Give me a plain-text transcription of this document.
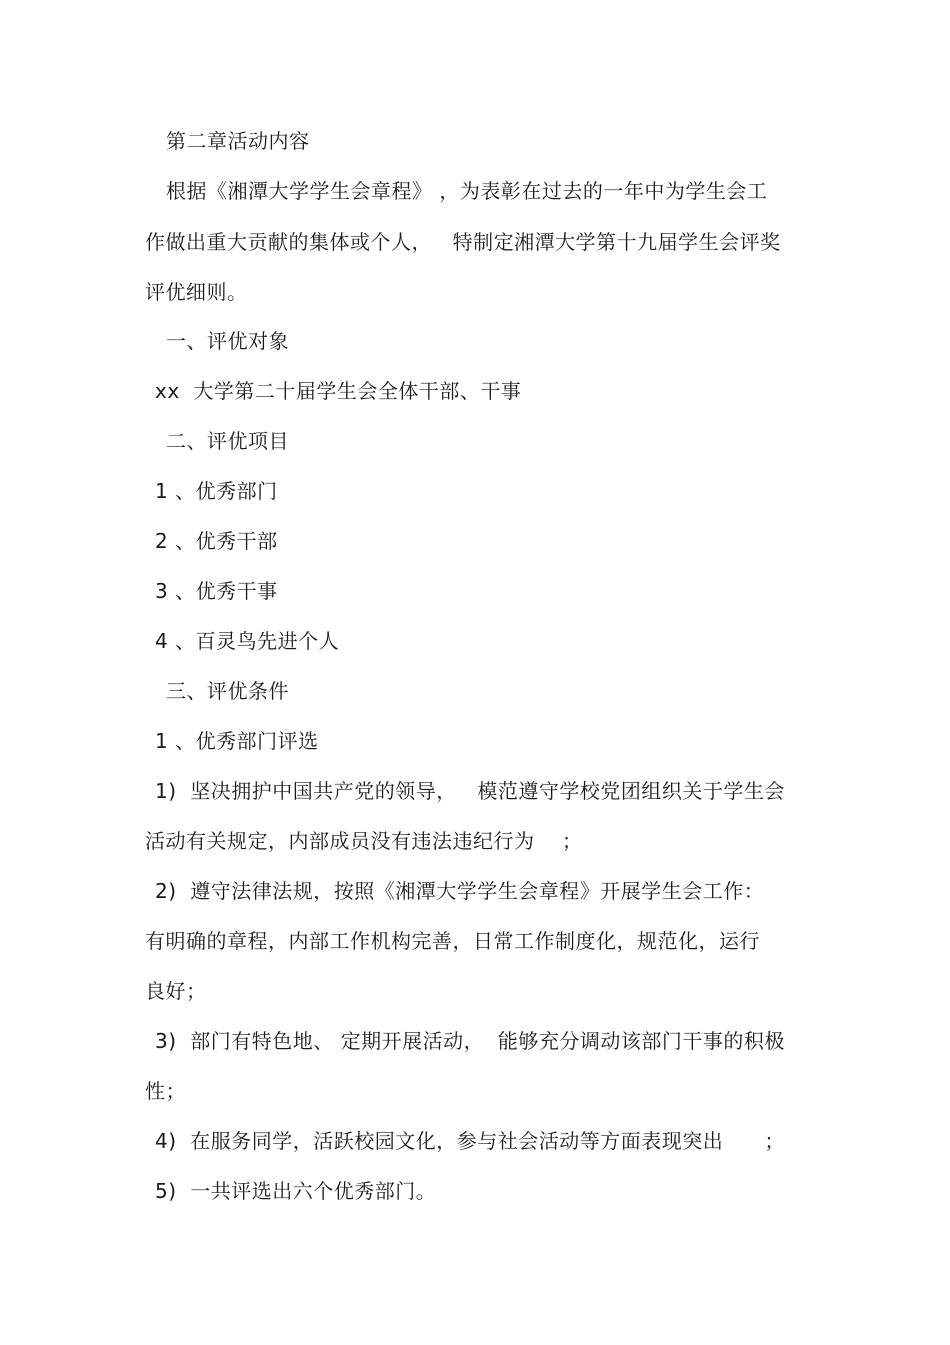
第二章活动内容
根据《湘潭大学学生会章程》 ，为表彰在过去的一年中为学生会工
作做出重大贡献的集体或个人，   特制定湘潭大学第十九届学生会评奖
评优细则。
一、评优对象
xx  大学第二十届学生会全体干部、干事
二、评优项目
1 、优秀部门
2 、优秀干部
3 、优秀干事
4 、百灵鸟先进个人
三、评优条件
1 、优秀部门评选
1)  坚决拥护中国共产党的领导，   模范遵守学校党团组织关于学生会
活动有关规定，内部成员没有违法违纪行为    ；
2)  遵守法律法规，按照《湘潭大学学生会章程》开展学生会工作：
有明确的章程，内部工作机构完善，日常工作制度化，规范化，运行
良好；
3)  部门有特色地、 定期开展活动，  能够充分调动该部门干事的积极
性；
4)  在服务同学，活跃校园文化，参与社会活动等方面表现突出      ；
5)  一共评选出六个优秀部门。
